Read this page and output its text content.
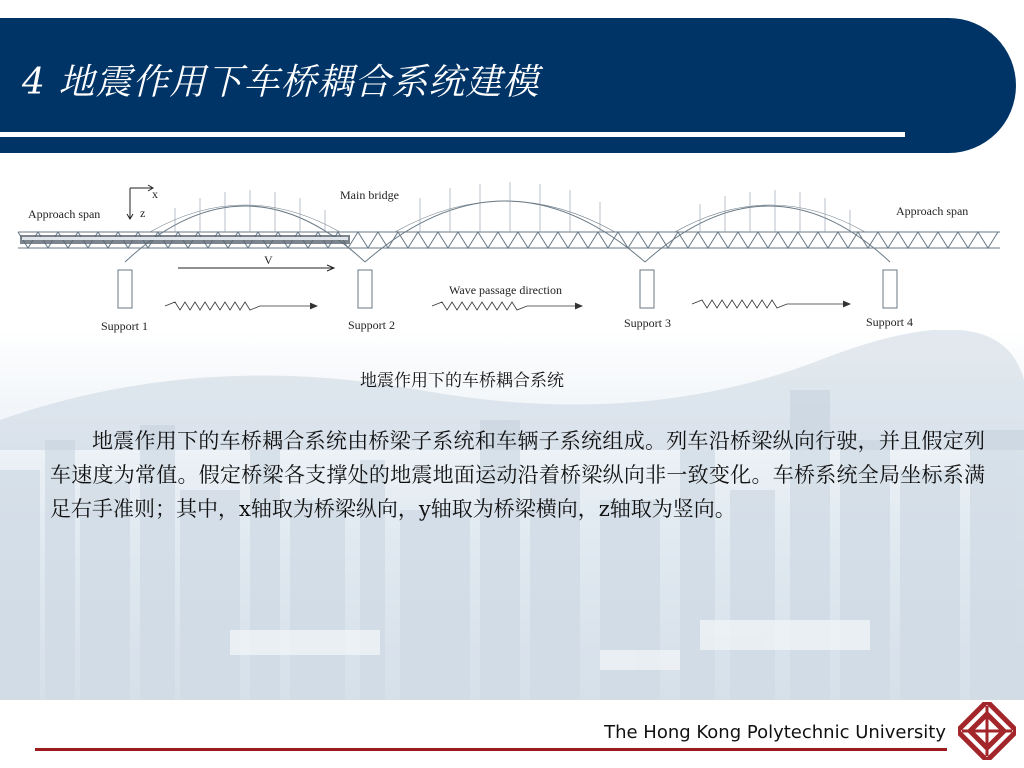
4 地震作用下车桥耦合系统建模
x
z
V
Approach span	Approach span
Main bridge
Wave passage direction
Support 1	Support 2	Support 3	Support 4
地震作用下的车桥耦合系统
地震作用下的车桥耦合系统由桥梁子系统和车辆子系统组成。列车沿桥梁纵向行驶，并且假定列车速度为常值。假定桥梁各支撑处的地震地面运动沿着桥梁纵向非一致变化。车桥系统全局坐标系满足右手准则；其中，x轴取为桥梁纵向，y轴取为桥梁横向，z轴取为竖向。
The Hong Kong Polytechnic University
